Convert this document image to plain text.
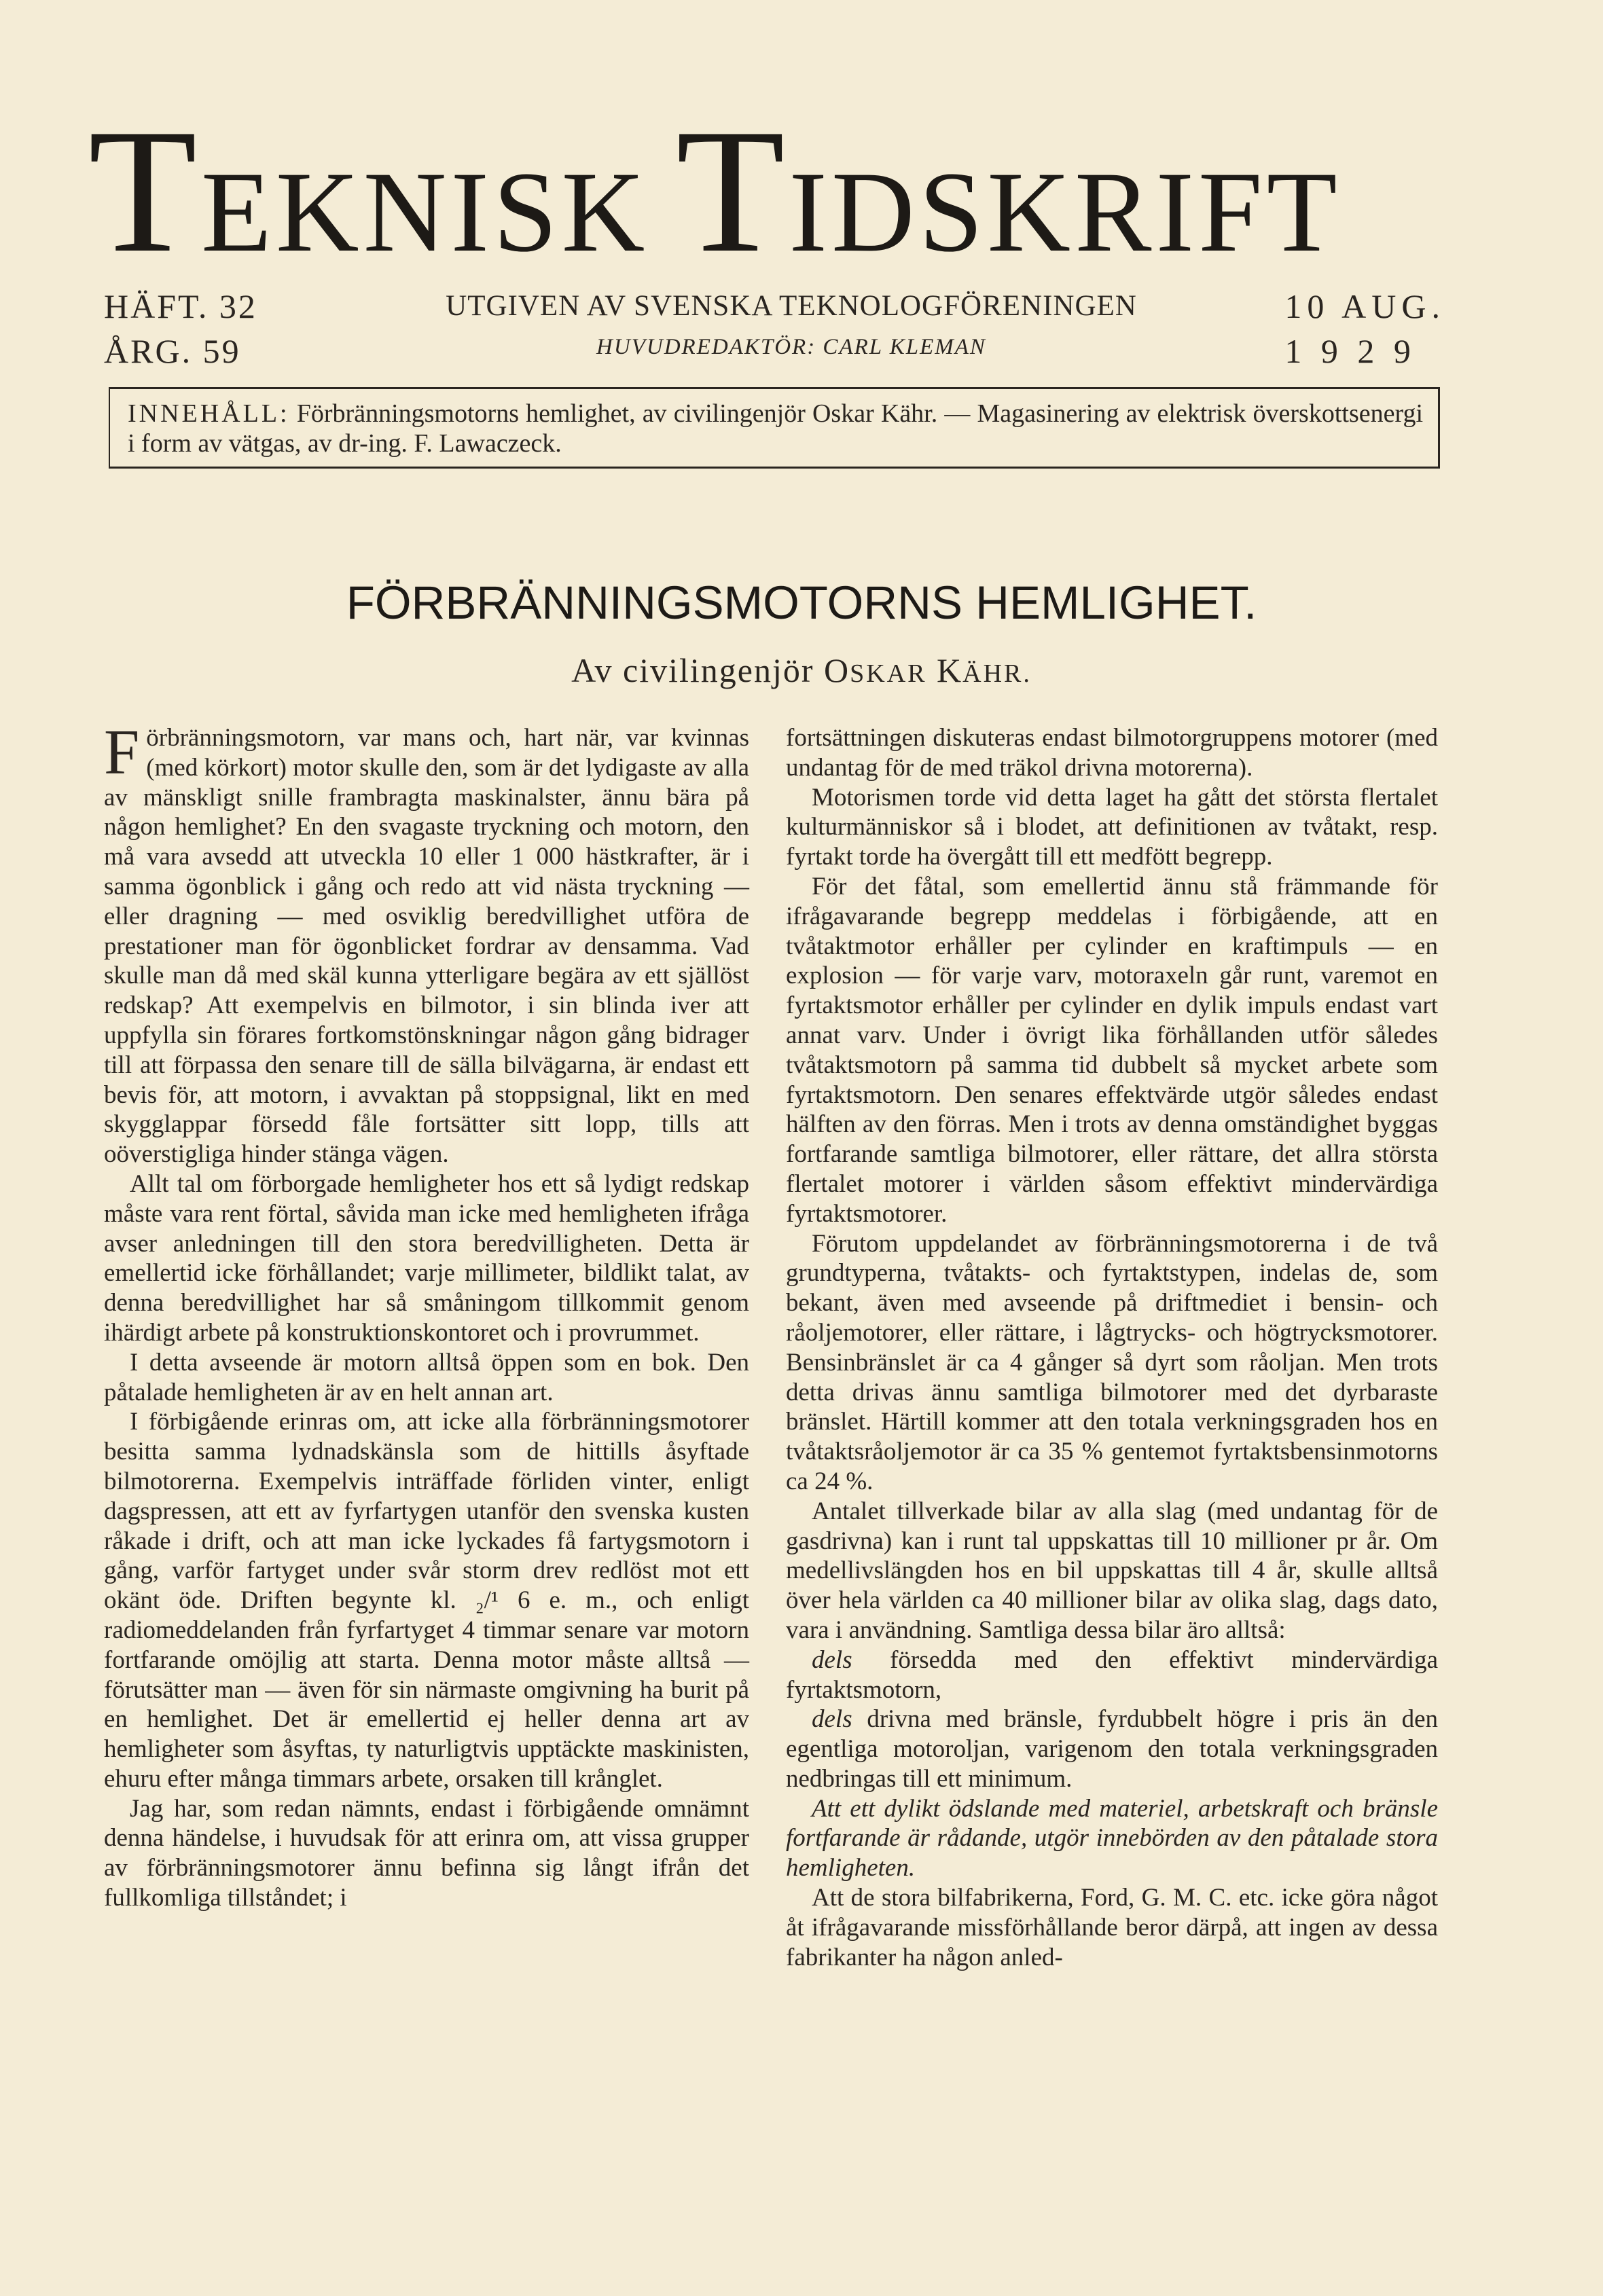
TEKNISK TIDSKRIFT
HÄFT. 32
ÅRG. 59
UTGIVEN AV SVENSKA TEKNOLOGFÖRENINGEN
HUVUDREDAKTÖR: CARL KLEMAN
10 AUG.
1 9 2 9
INNEHÅLL: Förbränningsmotorns hemlighet, av civilingenjör Oskar Kähr. — Magasinering av elektrisk överskottsenergi i form av vätgas, av dr-ing. F. Lawaczeck.
FÖRBRÄNNINGSMOTORNS HEMLIGHET.
Av civilingenjör OSKAR KÄHR.

Förbränningsmotorn, var mans och, hart när, var kvinnas (med körkort) motor skulle den, som är det lydigaste av alla av mänskligt snille frambragta maskinalster, ännu bära på någon hemlighet? En den svagaste tryckning och motorn, den må vara avsedd att utveckla 10 eller 1 000 hästkrafter, är i samma ögonblick i gång och redo att vid nästa tryckning — eller dragning — med osviklig beredvillighet utföra de prestationer man för ögonblicket fordrar av densamma. Vad skulle man då med skäl kunna ytterligare begära av ett själlöst redskap? Att exempelvis en bilmotor, i sin blinda iver att uppfylla sin förares fortkomstönskningar någon gång bidrager till att förpassa den senare till de sälla bilvägarna, är endast ett bevis för, att motorn, i avvaktan på stoppsignal, likt en med skygglappar försedd fåle fortsätter sitt lopp, tills att oöverstigliga hinder stänga vägen.

Allt tal om förborgade hemligheter hos ett så lydigt redskap måste vara rent förtal, såvida man icke med hemligheten ifråga avser anledningen till den stora beredvilligheten. Detta är emellertid icke förhållandet; varje millimeter, bildlikt talat, av denna beredvillighet har så småningom tillkommit genom ihärdigt arbete på konstruktionskontoret och i provrummet.

I detta avseende är motorn alltså öppen som en bok. Den påtalade hemligheten är av en helt annan art.

I förbigående erinras om, att icke alla förbränningsmotorer besitta samma lydnadskänsla som de hittills åsyftade bilmotorerna. Exempelvis inträffade förliden vinter, enligt dagspressen, att ett av fyrfartygen utanför den svenska kusten råkade i drift, och att man icke lyckades få fartygsmotorn i gång, varför fartyget under svår storm drev redlöst mot ett okänt öde. Driften begynte kl. ₂/¹ 6 e. m., och enligt radiomeddelanden från fyrfartyget 4 timmar senare var motorn fortfarande omöjlig att starta. Denna motor måste alltså — förutsätter man — även för sin närmaste omgivning ha burit på en hemlighet. Det är emellertid ej heller denna art av hemligheter som åsyftas, ty naturligtvis upptäckte maskinisten, ehuru efter många timmars arbete, orsaken till krånglet.

Jag har, som redan nämnts, endast i förbigående omnämnt denna händelse, i huvudsak för att erinra om, att vissa grupper av förbränningsmotorer ännu befinna sig långt ifrån det fullkomliga tillståndet; i

fortsättningen diskuteras endast bilmotorgruppens motorer (med undantag för de med träkol drivna motorerna).

Motorismen torde vid detta laget ha gått det största flertalet kulturmänniskor så i blodet, att definitionen av tvåtakt, resp. fyrtakt torde ha övergått till ett medfött begrepp.

För det fåtal, som emellertid ännu stå främmande för ifrågavarande begrepp meddelas i förbigående, att en tvåtaktmotor erhåller per cylinder en kraftimpuls — en explosion — för varje varv, motoraxeln går runt, varemot en fyrtaktsmotor erhåller per cylinder en dylik impuls endast vart annat varv. Under i övrigt lika förhållanden utför således tvåtaktsmotorn på samma tid dubbelt så mycket arbete som fyrtaktsmotorn. Den senares effektvärde utgör således endast hälften av den förras. Men i trots av denna omständighet byggas fortfarande samtliga bilmotorer, eller rättare, det allra största flertalet motorer i världen såsom effektivt mindervärdiga fyrtaktsmotorer.

Förutom uppdelandet av förbränningsmotorerna i de två grundtyperna, tvåtakts- och fyrtaktstypen, indelas de, som bekant, även med avseende på driftmediet i bensin- och råoljemotorer, eller rättare, i lågtrycks- och högtrycksmotorer. Bensinbränslet är ca 4 gånger så dyrt som råoljan. Men trots detta drivas ännu samtliga bilmotorer med det dyrbaraste bränslet. Härtill kommer att den totala verkningsgraden hos en tvåtaktsråoljemotor är ca 35 % gentemot fyrtaktsbensinmotorns ca 24 %.

Antalet tillverkade bilar av alla slag (med undantag för de gasdrivna) kan i runt tal uppskattas till 10 millioner pr år. Om medellivslängden hos en bil uppskattas till 4 år, skulle alltså över hela världen ca 40 millioner bilar av olika slag, dags dato, vara i användning. Samtliga dessa bilar äro alltså:

dels försedda med den effektivt mindervärdiga fyrtaktsmotorn,

dels drivna med bränsle, fyrdubbelt högre i pris än den egentliga motoroljan, varigenom den totala verkningsgraden nedbringas till ett minimum.

Att ett dylikt ödslande med materiel, arbetskraft och bränsle fortfarande är rådande, utgör innebörden av den påtalade stora hemligheten.

Att de stora bilfabrikerna, Ford, G. M. C. etc. icke göra något åt ifrågavarande missförhållande beror därpå, att ingen av dessa fabrikanter ha någon anled-
